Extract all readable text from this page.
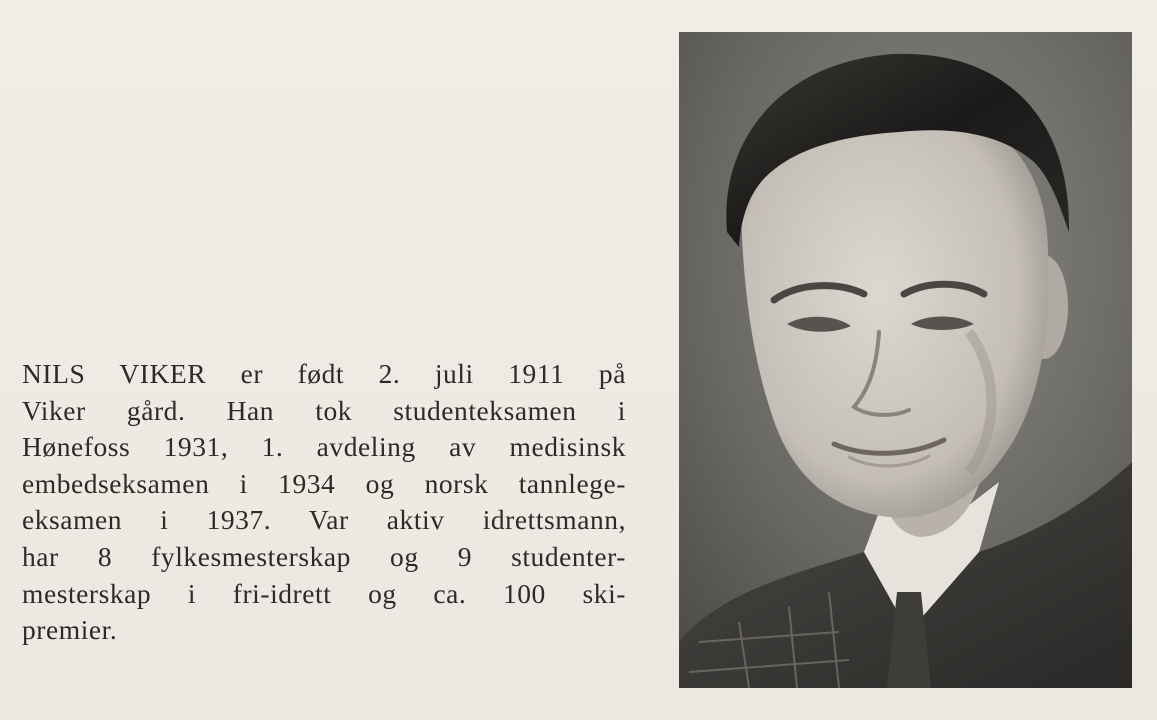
NILS VIKER er født 2. juli 1911 på
Viker gård. Han tok studenteksamen i
Hønefoss 1931, 1. avdeling av medisinsk
embedseksamen i 1934 og norsk tannlege-
eksamen i 1937. Var aktiv idrettsmann,
har 8 fylkesmesterskap og 9 studenter-
mesterskap i fri-idrett og ca. 100 ski-
premier.
